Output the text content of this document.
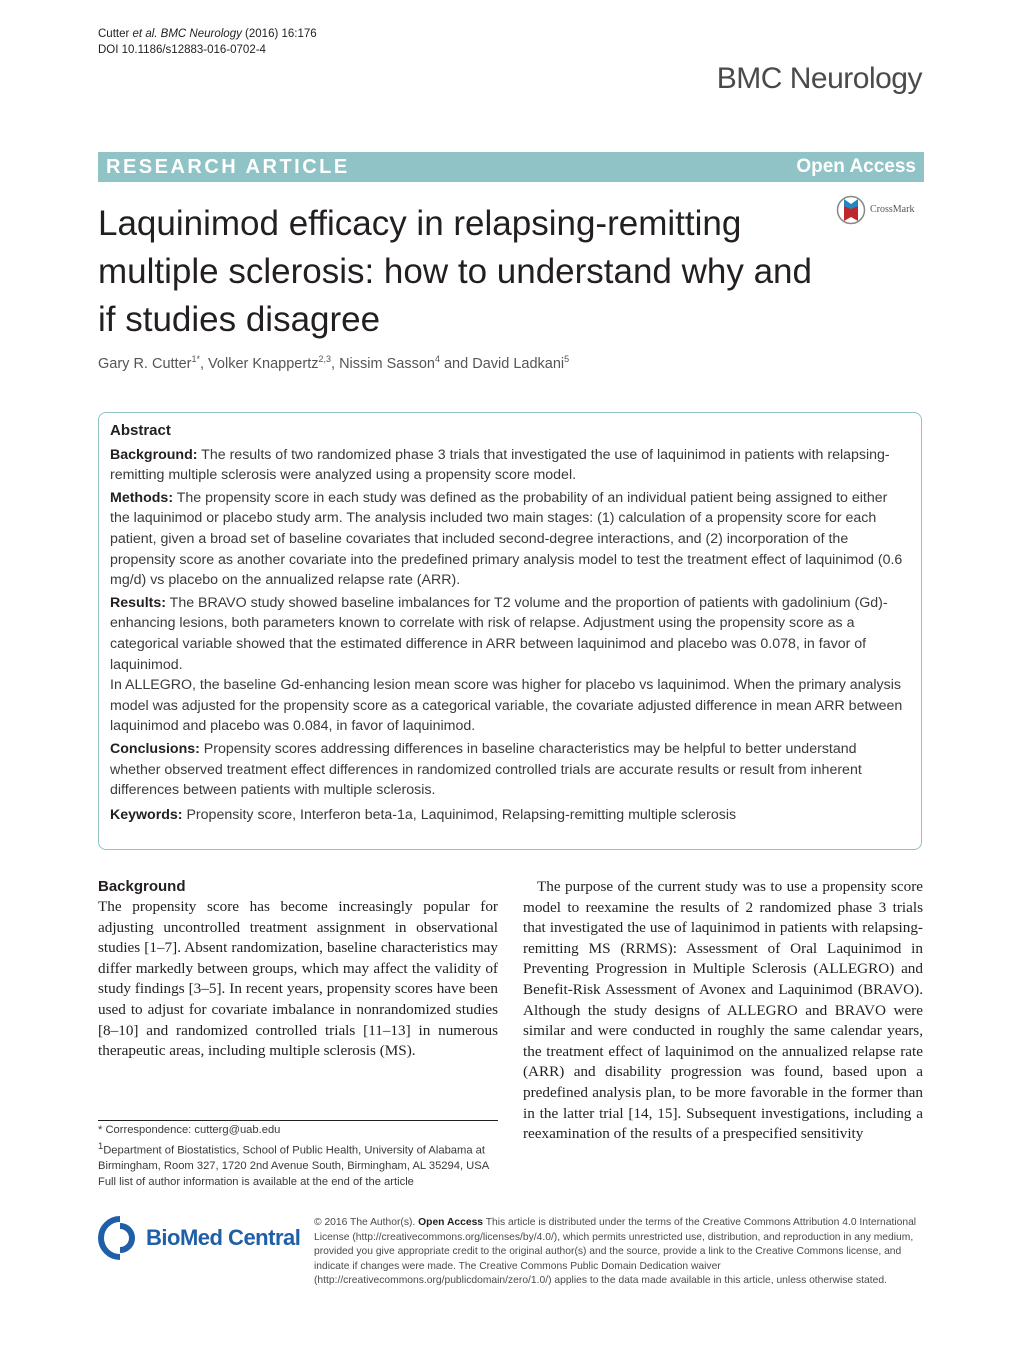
Cutter et al. BMC Neurology (2016) 16:176
DOI 10.1186/s12883-016-0702-4
BMC Neurology
RESEARCH ARTICLE	Open Access
Laquinimod efficacy in relapsing-remitting multiple sclerosis: how to understand why and if studies disagree
CrossMark
Gary R. Cutter$^{1*}$, Volker Knappertz$^{2,3}$, Nissim Sasson$^4$ and David Ladkani$^5$

Abstract

Background: The results of two randomized phase 3 trials that investigated the use of laquinimod in patients with relapsing-remitting multiple sclerosis were analyzed using a propensity score model.

Methods: The propensity score in each study was defined as the probability of an individual patient being assigned to either the laquinimod or placebo study arm. The analysis included two main stages: (1) calculation of a propensity score for each patient, given a broad set of baseline covariates that included second-degree interactions, and (2) incorporation of the propensity score as another covariate into the predefined primary analysis model to test the treatment effect of laquinimod (0.6 mg/d) vs placebo on the annualized relapse rate (ARR).

Results: The BRAVO study showed baseline imbalances for T2 volume and the proportion of patients with gadolinium (Gd)-enhancing lesions, both parameters known to correlate with risk of relapse. Adjustment using the propensity score as a categorical variable showed that the estimated difference in ARR between laquinimod and placebo was 0.078, in favor of laquinimod.

In ALLEGRO, the baseline Gd-enhancing lesion mean score was higher for placebo vs laquinimod. When the primary analysis model was adjusted for the propensity score as a categorical variable, the covariate adjusted difference in mean ARR between laquinimod and placebo was 0.084, in favor of laquinimod.

Conclusions: Propensity scores addressing differences in baseline characteristics may be helpful to better understand whether observed treatment effect differences in randomized controlled trials are accurate results or result from inherent differences between patients with multiple sclerosis.

Keywords: Propensity score, Interferon beta-1a, Laquinimod, Relapsing-remitting multiple sclerosis

Background
The propensity score has become increasingly popular for adjusting uncontrolled treatment assignment in observational studies [1–7]. Absent randomization, baseline characteristics may differ markedly between groups, which may affect the validity of study findings [3–5]. In recent years, propensity scores have been used to adjust for covariate imbalance in nonrandomized studies [8–10] and randomized controlled trials [11–13] in numerous therapeutic areas, including multiple sclerosis (MS).
The purpose of the current study was to use a propensity score model to reexamine the results of 2 randomized phase 3 trials that investigated the use of laquinimod in patients with relapsing-remitting MS (RRMS): Assessment of Oral Laquinimod in Preventing Progression in Multiple Sclerosis (ALLEGRO) and Benefit-Risk Assessment of Avonex and Laquinimod (BRAVO). Although the study designs of ALLEGRO and BRAVO were similar and were conducted in roughly the same calendar years, the treatment effect of laquinimod on the annualized relapse rate (ARR) and disability progression was found, based upon a predefined analysis plan, to be more favorable in the former than in the latter trial [14, 15]. Subsequent investigations, including a reexamination of the results of a prespecified sensitivity

* Correspondence: cutterg@uab.edu

$^1$Department of Biostatistics, School of Public Health, University of Alabama at Birmingham, Room 327, 1720 2nd Avenue South, Birmingham, AL 35294, USA

Full list of author information is available at the end of the article

BioMed Central
© 2016 The Author(s). Open Access This article is distributed under the terms of the Creative Commons Attribution 4.0 International License (http://creativecommons.org/licenses/by/4.0/), which permits unrestricted use, distribution, and reproduction in any medium, provided you give appropriate credit to the original author(s) and the source, provide a link to the Creative Commons license, and indicate if changes were made. The Creative Commons Public Domain Dedication waiver (http://creativecommons.org/publicdomain/zero/1.0/) applies to the data made available in this article, unless otherwise stated.
